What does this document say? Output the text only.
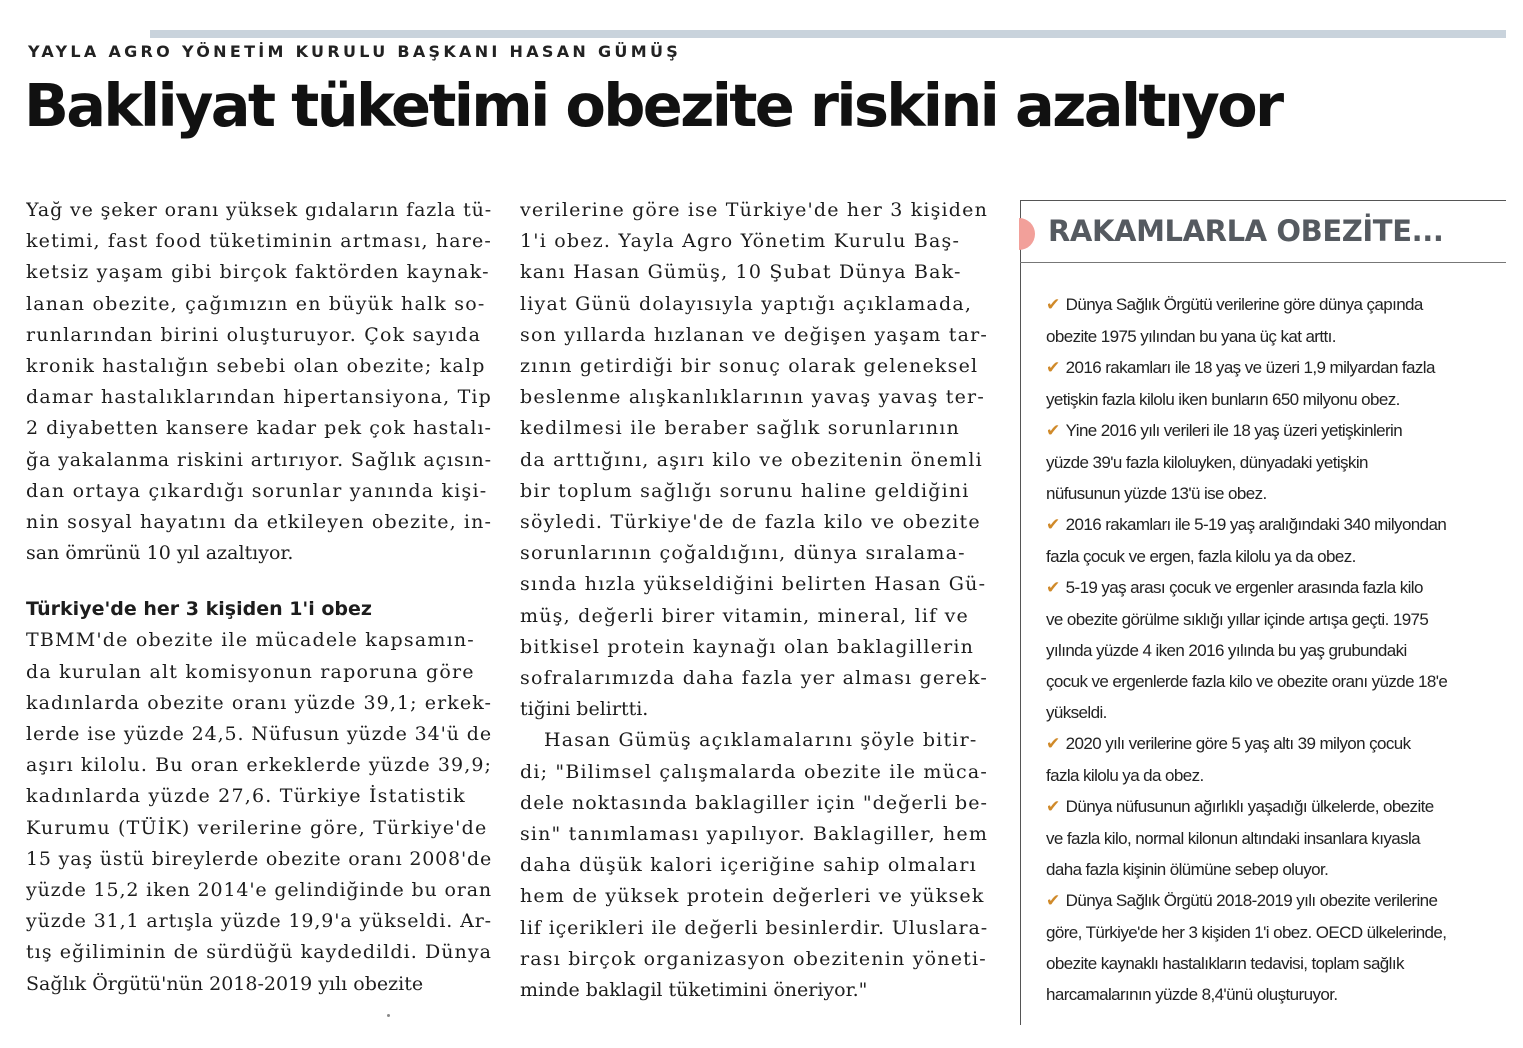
YAYLA AGRO YÖNETİM KURULU BAŞKANI HASAN GÜMÜŞ
Bakliyat tüketimi obezite riskini azaltıyor
Yağ ve şeker oranı yüksek gıdaların fazla tü-
ketimi, fast food tüketiminin artması, hare-
ketsiz yaşam gibi birçok faktörden kaynak-
lanan obezite, çağımızın en büyük halk so-
runlarından birini oluşturuyor. Çok sayıda
kronik hastalığın sebebi olan obezite; kalp
damar hastalıklarından hipertansiyona, Tip
2 diyabetten kansere kadar pek çok hastalı-
ğa yakalanma riskini artırıyor. Sağlık açısın-
dan ortaya çıkardığı sorunlar yanında kişi-
nin sosyal hayatını da etkileyen obezite, in-
san ömrünü 10 yıl azaltıyor.
Türkiye'de her 3 kişiden 1'i obez
TBMM'de obezite ile mücadele kapsamın-
da kurulan alt komisyonun raporuna göre
kadınlarda obezite oranı yüzde 39,1; erkek-
lerde ise yüzde 24,5. Nüfusun yüzde 34'ü de
aşırı kilolu. Bu oran erkeklerde yüzde 39,9;
kadınlarda yüzde 27,6. Türkiye İstatistik
Kurumu (TÜİK) verilerine göre, Türkiye'de
15 yaş üstü bireylerde obezite oranı 2008'de
yüzde 15,2 iken 2014'e gelindiğinde bu oran
yüzde 31,1 artışla yüzde 19,9'a yükseldi. Ar-
tış eğiliminin de sürdüğü kaydedildi. Dünya
Sağlık Örgütü'nün 2018-2019 yılı obezite
verilerine göre ise Türkiye'de her 3 kişiden
1'i obez. Yayla Agro Yönetim Kurulu Baş-
kanı Hasan Gümüş, 10 Şubat Dünya Bak-
liyat Günü dolayısıyla yaptığı açıklamada,
son yıllarda hızlanan ve değişen yaşam tar-
zının getirdiği bir sonuç olarak geleneksel
beslenme alışkanlıklarının yavaş yavaş ter-
kedilmesi ile beraber sağlık sorunlarının
da arttığını, aşırı kilo ve obezitenin önemli
bir toplum sağlığı sorunu haline geldiğini
söyledi. Türkiye'de de fazla kilo ve obezite
sorunlarının çoğaldığını, dünya sıralama-
sında hızla yükseldiğini belirten Hasan Gü-
müş, değerli birer vitamin, mineral, lif ve
bitkisel protein kaynağı olan baklagillerin
sofralarımızda daha fazla yer alması gerek-
tiğini belirtti.
Hasan Gümüş açıklamalarını şöyle bitir-
di; "Bilimsel çalışmalarda obezite ile müca-
dele noktasında baklagiller için "değerli be-
sin" tanımlaması yapılıyor. Baklagiller, hem
daha düşük kalori içeriğine sahip olmaları
hem de yüksek protein değerleri ve yüksek
lif içerikleri ile değerli besinlerdir. Uluslara-
rası birçok organizasyon obezitenin yöneti-
minde baklagil tüketimini öneriyor."
RAKAMLARLA OBEZİTE...
✔ Dünya Sağlık Örgütü verilerine göre dünya çapında
obezite 1975 yılından bu yana üç kat arttı.
✔ 2016 rakamları ile 18 yaş ve üzeri 1,9 milyardan fazla
yetişkin fazla kilolu iken bunların 650 milyonu obez.
✔ Yine 2016 yılı verileri ile 18 yaş üzeri yetişkinlerin
yüzde 39'u fazla kiloluyken, dünyadaki yetişkin
nüfusunun yüzde 13'ü ise obez.
✔ 2016 rakamları ile 5-19 yaş aralığındaki 340 milyondan
fazla çocuk ve ergen, fazla kilolu ya da obez.
✔ 5-19 yaş arası çocuk ve ergenler arasında fazla kilo
ve obezite görülme sıklığı yıllar içinde artışa geçti. 1975
yılında yüzde 4 iken 2016 yılında bu yaş grubundaki
çocuk ve ergenlerde fazla kilo ve obezite oranı yüzde 18'e
yükseldi.
✔ 2020 yılı verilerine göre 5 yaş altı 39 milyon çocuk
fazla kilolu ya da obez.
✔ Dünya nüfusunun ağırlıklı yaşadığı ülkelerde, obezite
ve fazla kilo, normal kilonun altındaki insanlara kıyasla
daha fazla kişinin ölümüne sebep oluyor.
✔ Dünya Sağlık Örgütü 2018-2019 yılı obezite verilerine
göre, Türkiye'de her 3 kişiden 1'i obez. OECD ülkelerinde,
obezite kaynaklı hastalıkların tedavisi, toplam sağlık
harcamalarının yüzde 8,4'ünü oluşturuyor.
